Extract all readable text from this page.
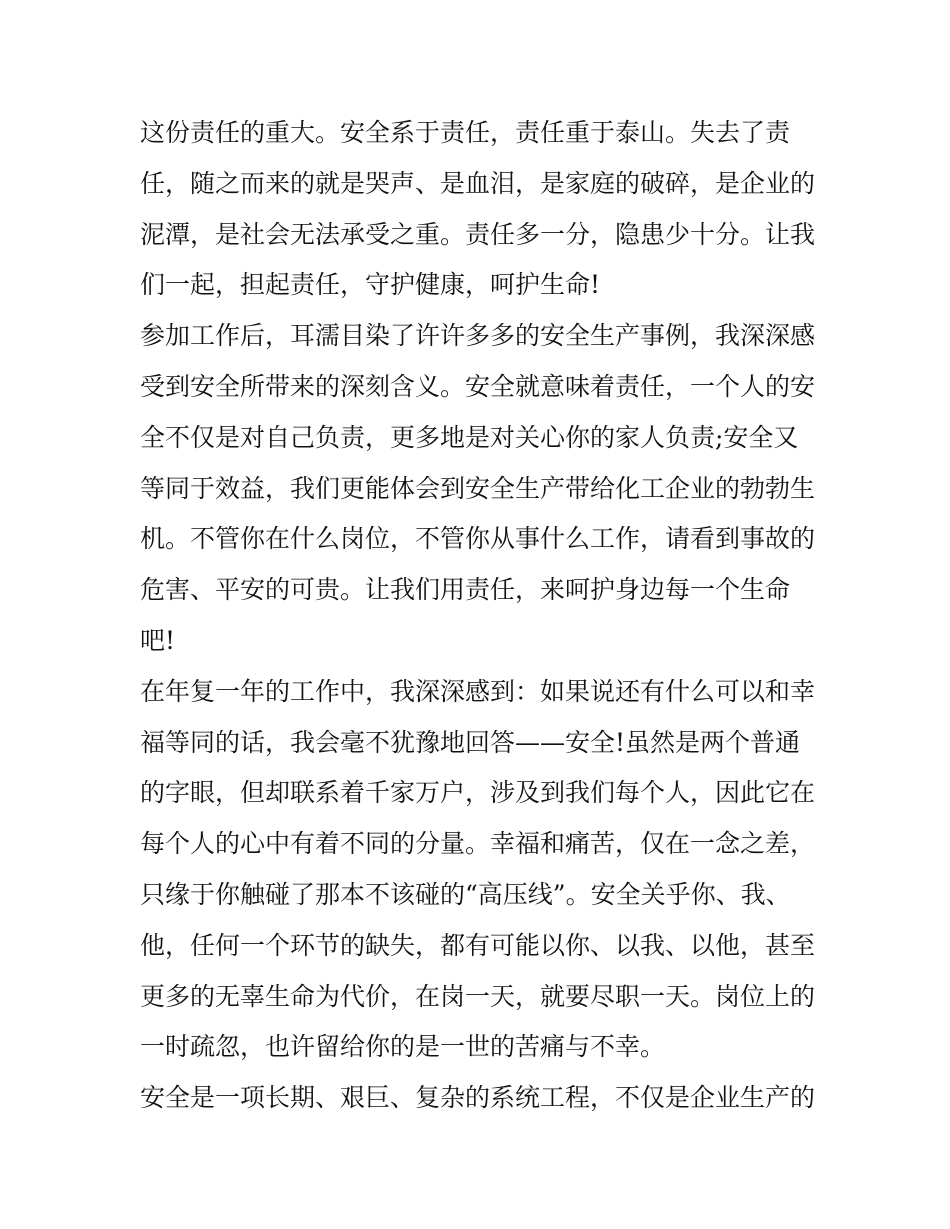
这份责任的重大。安全系于责任，责任重于泰山。失去了责
任，随之而来的就是哭声、是血泪，是家庭的破碎，是企业的
泥潭，是社会无法承受之重。责任多一分，隐患少十分。让我
们一起，担起责任，守护健康，呵护生命!
参加工作后，耳濡目染了许许多多的安全生产事例，我深深感
受到安全所带来的深刻含义。安全就意味着责任，一个人的安
全不仅是对自己负责，更多地是对关心你的家人负责;安全又
等同于效益，我们更能体会到安全生产带给化工企业的勃勃生
机。不管你在什么岗位，不管你从事什么工作，请看到事故的
危害、平安的可贵。让我们用责任，来呵护身边每一个生命
吧!
在年复一年的工作中，我深深感到：如果说还有什么可以和幸
福等同的话，我会毫不犹豫地回答——安全!虽然是两个普通
的字眼，但却联系着千家万户，涉及到我们每个人，因此它在
每个人的心中有着不同的分量。幸福和痛苦，仅在一念之差，
只缘于你触碰了那本不该碰的“高压线”。安全关乎你、我、
他，任何一个环节的缺失，都有可能以你、以我、以他，甚至
更多的无辜生命为代价，在岗一天，就要尽职一天。岗位上的
一时疏忽，也许留给你的是一世的苦痛与不幸。
安全是一项长期、艰巨、复杂的系统工程，不仅是企业生产的
